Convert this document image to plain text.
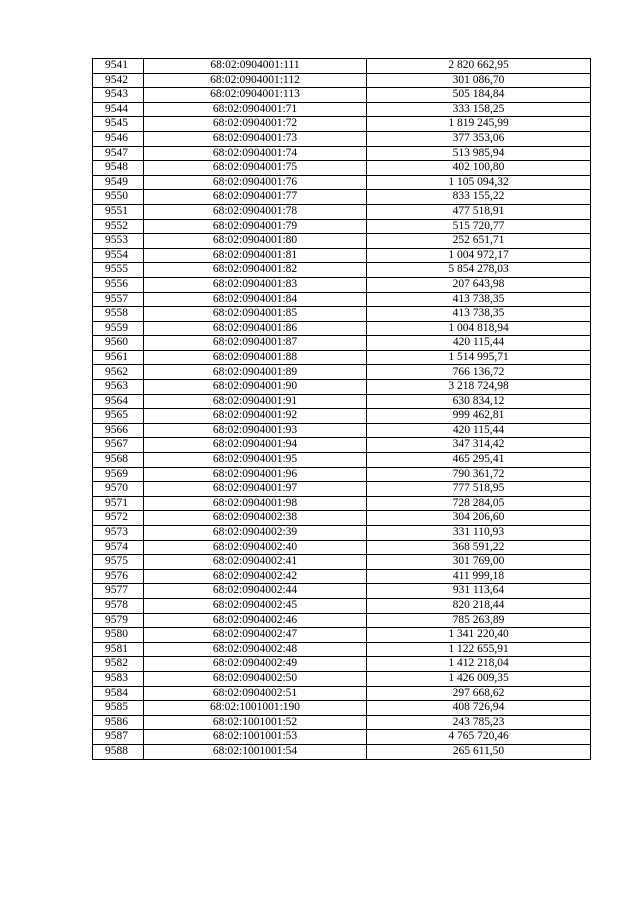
9541	68:02:0904001:111	2 820 662,95
9542	68:02:0904001:112	301 086,70
9543	68:02:0904001:113	505 184,84
9544	68:02:0904001:71	333 158,25
9545	68:02:0904001:72	1 819 245,99
9546	68:02:0904001:73	377 353,06
9547	68:02:0904001:74	513 985,94
9548	68:02:0904001:75	402 100,80
9549	68:02:0904001:76	1 105 094,32
9550	68:02:0904001:77	833 155,22
9551	68:02:0904001:78	477 518,91
9552	68:02:0904001:79	515 720,77
9553	68:02:0904001:80	252 651,71
9554	68:02:0904001:81	1 004 972,17
9555	68:02:0904001:82	5 854 278,03
9556	68:02:0904001:83	207 643,98
9557	68:02:0904001:84	413 738,35
9558	68:02:0904001:85	413 738,35
9559	68:02:0904001:86	1 004 818,94
9560	68:02:0904001:87	420 115,44
9561	68:02:0904001:88	1 514 995,71
9562	68:02:0904001:89	766 136,72
9563	68:02:0904001:90	3 218 724,98
9564	68:02:0904001:91	630 834,12
9565	68:02:0904001:92	999 462,81
9566	68:02:0904001:93	420 115,44
9567	68:02:0904001:94	347 314,42
9568	68:02:0904001:95	465 295,41
9569	68:02:0904001:96	790 361,72
9570	68:02:0904001:97	777 518,95
9571	68:02:0904001:98	728 284,05
9572	68:02:0904002:38	304 206,60
9573	68:02:0904002:39	331 110,93
9574	68:02:0904002:40	368 591,22
9575	68:02:0904002:41	301 769,00
9576	68:02:0904002:42	411 999,18
9577	68:02:0904002:44	931 113,64
9578	68:02:0904002:45	820 218,44
9579	68:02:0904002:46	785 263,89
9580	68:02:0904002:47	1 341 220,40
9581	68:02:0904002:48	1 122 655,91
9582	68:02:0904002:49	1 412 218,04
9583	68:02:0904002:50	1 426 009,35
9584	68:02:0904002:51	297 668,62
9585	68:02:1001001:190	408 726,94
9586	68:02:1001001:52	243 785,23
9587	68:02:1001001:53	4 765 720,46
9588	68:02:1001001:54	265 611,50
